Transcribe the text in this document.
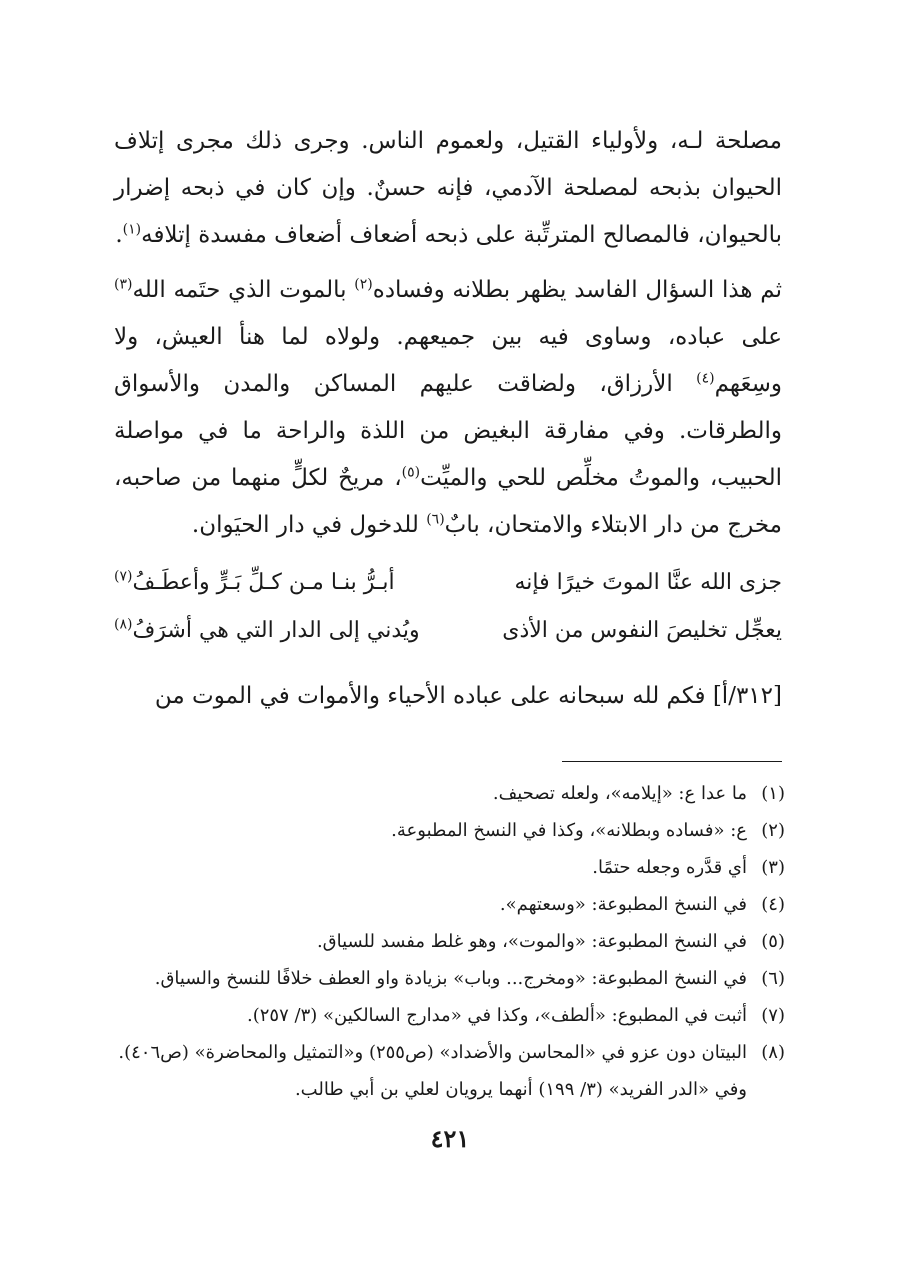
مصلحة لـه، ولأولياء القتيل، ولعموم الناس. وجرى ذلك مجرى إتلاف الحيوان بذبحه لمصلحة الآدمي، فإنه حسنٌ. وإن كان في ذبحه إضرار بالحيوان، فالمصالح المترتِّبة على ذبحه أضعاف أضعاف مفسدة إتلافه$^{(١)}$.

ثم هذا السؤال الفاسد يظهر بطلانه وفساده$^{(٢)}$ بالموت الذي حتَمه الله$^{(٣)}$ على عباده، وساوى فيه بين جميعهم. ولولاه لما هنأ العيش، ولا وسِعَهم$^{(٤)}$ الأرزاق، ولضاقت عليهم المساكن والمدن والأسواق والطرقات. وفي مفارقة البغيض من اللذة والراحة ما في مواصلة الحبيب، والموتُ مخلِّص للحي والميِّت$^{(٥)}$، مريحٌ لكلٍّ منهما من صاحبه، مخرج من دار الابتلاء والامتحان، بابٌ$^{(٦)}$ للدخول في دار الحيَوان.

جزى الله عنَّا الموتَ خيرًا فإنه
أبـرُّ بنـا مـن كـلِّ بَـرٍّ وأعطَـفُ$^{(٧)}$
يعجِّل تخليصَ النفوس من الأذى
ويُدني إلى الدار التي هي أشرَفُ$^{(٨)}$

[٣١٢/أ] فكم لله سبحانه على عباده الأحياء والأموات في الموت من

(١)
ما عدا ع: «إيلامه»، ولعله تصحيف.
(٢)
ع: «فساده وبطلانه»، وكذا في النسخ المطبوعة.
(٣)
أي قدَّره وجعله حتمًا.
(٤)
في النسخ المطبوعة: «وسعتهم».
(٥)
في النسخ المطبوعة: «والموت»، وهو غلط مفسد للسياق.
(٦)
في النسخ المطبوعة: «ومخرج... وباب» بزيادة واو العطف خلافًا للنسخ والسياق.
(٧)
أثبت في المطبوع: «ألطف»، وكذا في «مدارج السالكين» (٣/ ٢٥٧).
(٨)
البيتان دون عزو في «المحاسن والأضداد» (ص٢٥٥) و«التمثيل والمحاضرة» (ص٤٠٦). وفي «الدر الفريد» (٣/ ١٩٩) أنهما يرويان لعلي بن أبي طالب.
٤٢١
